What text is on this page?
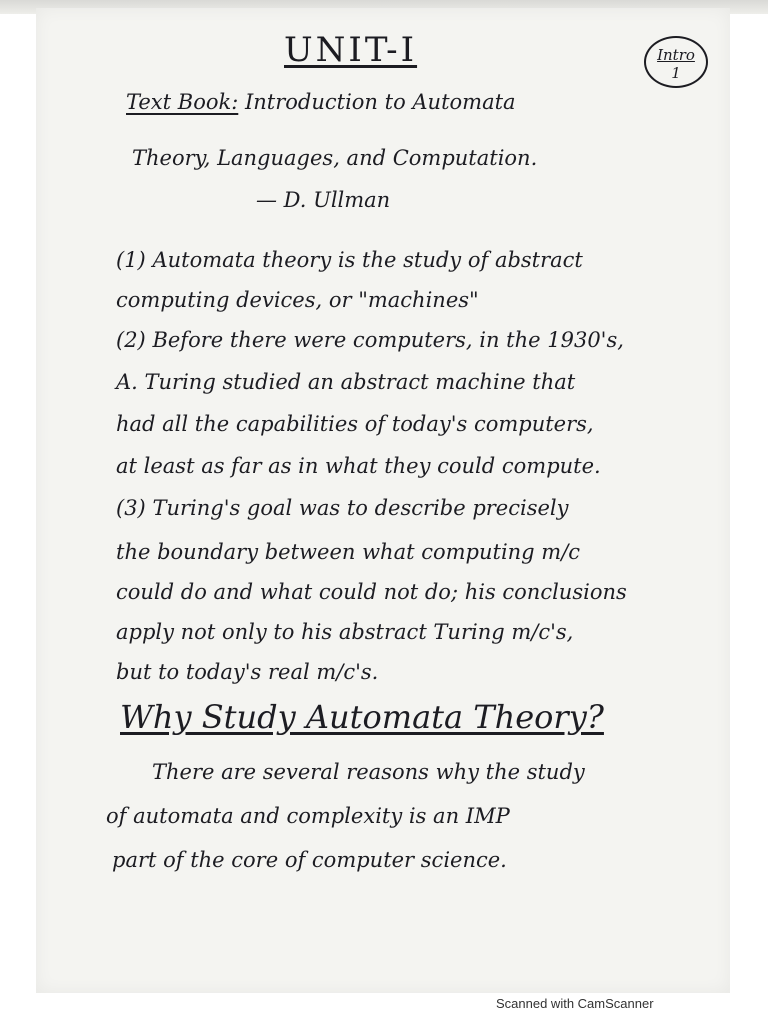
UNIT-I	Intro
1
Text Book: Introduction to Automata
Theory, Languages, and Computation.
— D. Ullman
(1) Automata theory is the study of abstract
computing devices, or "machines"
(2) Before there were computers, in the 1930's,
A. Turing studied an abstract machine that
had all the capabilities of today's computers,
at least as far as in what they could compute.
(3) Turing's goal was to describe precisely
the boundary between what computing m/c
could do and what could not do; his conclusions
apply not only to his abstract Turing m/c's,
but to today's real m/c's.
Why Study Automata Theory?
There are several reasons why the study
of automata and complexity is an IMP
part of the core of computer science.
Scanned with CamScanner
